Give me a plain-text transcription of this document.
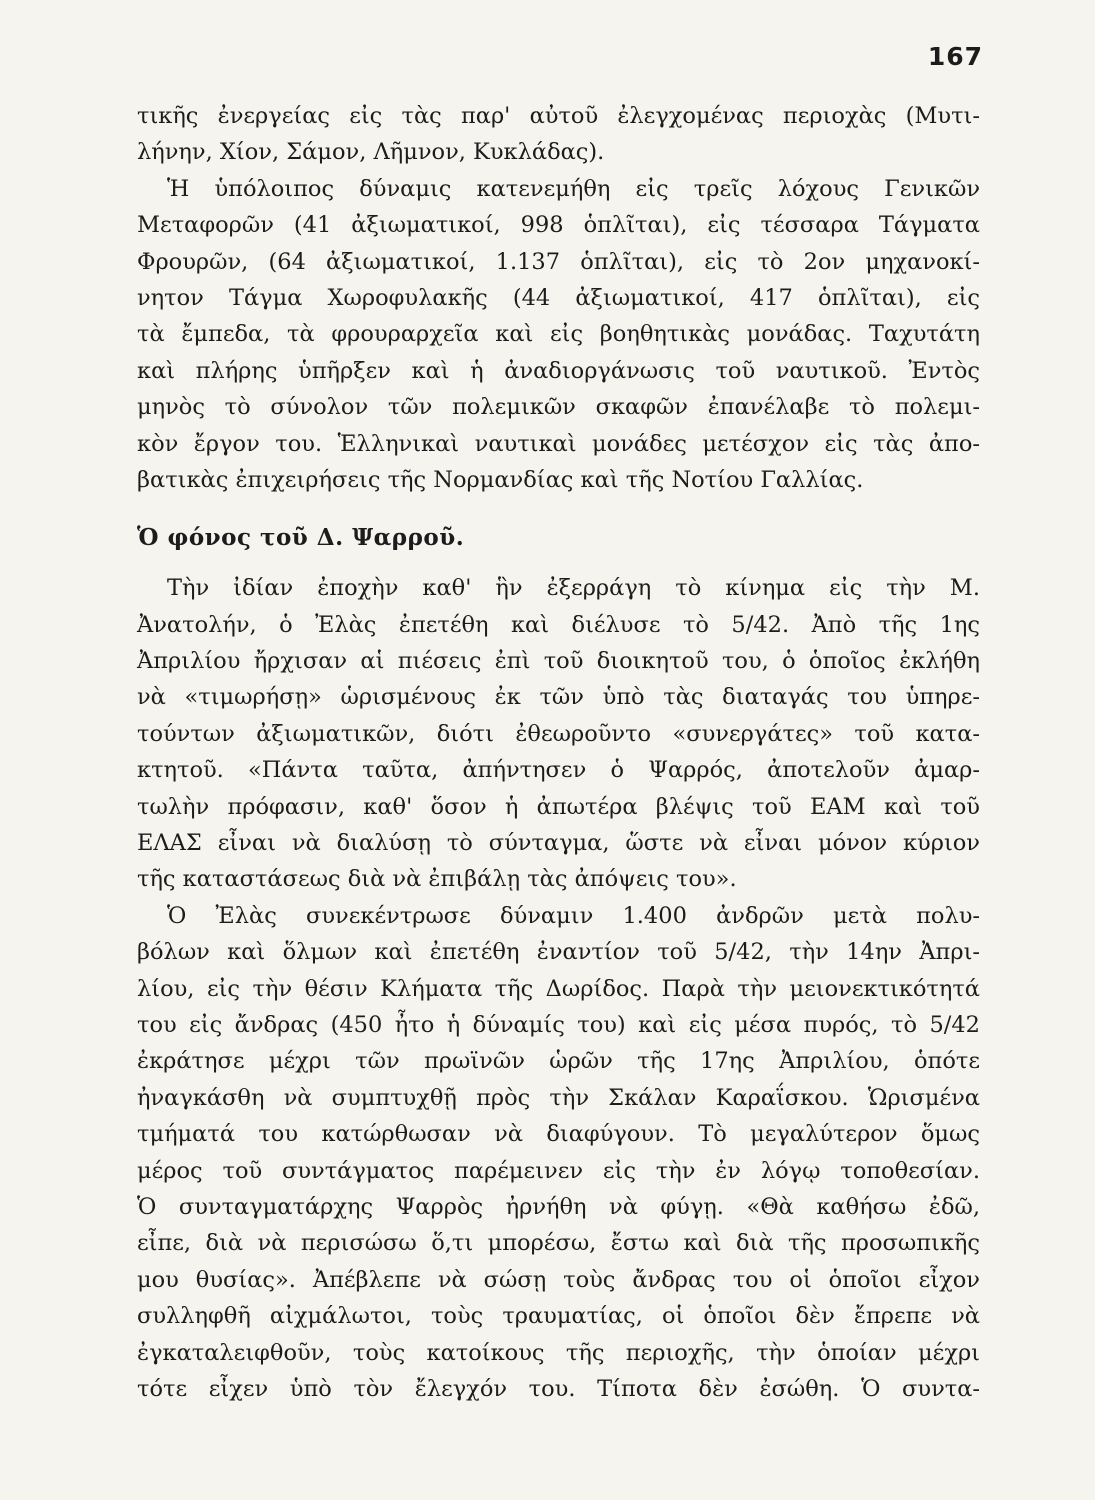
167
τικῆς ἐνεργείας εἰς τὰς παρ' αὐτοῦ ἐλεγχομένας περιοχὰς (Μυτι-
λήνην, Χίον, Σάμον, Λῆμνον, Κυκλάδας).
Ἡ ὑπόλοιπος δύναμις κατενεμήθη εἰς τρεῖς λόχους Γενικῶν
Μεταφορῶν (41 ἀξιωματικοί, 998 ὁπλῖται), εἰς τέσσαρα Τάγματα
Φρουρῶν, (64 ἀξιωματικοί, 1.137 ὁπλῖται), εἰς τὸ 2ον μηχανοκί-
νητον Τάγμα Χωροφυλακῆς (44 ἀξιωματικοί, 417 ὁπλῖται), εἰς
τὰ ἔμπεδα, τὰ φρουραρχεῖα καὶ εἰς βοηθητικὰς μονάδας. Ταχυτάτη
καὶ πλήρης ὑπῆρξεν καὶ ἡ ἀναδιοργάνωσις τοῦ ναυτικοῦ. Ἐντὸς
μηνὸς τὸ σύνολον τῶν πολεμικῶν σκαφῶν ἐπανέλαβε τὸ πολεμι-
κὸν ἔργον του. Ἑλληνικαὶ ναυτικαὶ μονάδες μετέσχον εἰς τὰς ἀπο-
βατικὰς ἐπιχειρήσεις τῆς Νορμανδίας καὶ τῆς Νοτίου Γαλλίας.
Ὁ φόνος τοῦ Δ. Ψαρροῦ.
Τὴν ἰδίαν ἐποχὴν καθ' ἣν ἐξερράγη τὸ κίνημα εἰς τὴν Μ.
Ἀνατολήν, ὁ Ἐλὰς ἐπετέθη καὶ διέλυσε τὸ 5/42. Ἀπὸ τῆς 1ης
Ἀπριλίου ἤρχισαν αἱ πιέσεις ἐπὶ τοῦ διοικητοῦ του, ὁ ὁποῖος ἐκλήθη
νὰ «τιμωρήσῃ» ὡρισμένους ἐκ τῶν ὑπὸ τὰς διαταγάς του ὑπηρε-
τούντων ἀξιωματικῶν, διότι ἐθεωροῦντο «συνεργάτες» τοῦ κατα-
κτητοῦ. «Πάντα ταῦτα, ἀπήντησεν ὁ Ψαρρός, ἀποτελοῦν ἀμαρ-
τωλὴν πρόφασιν, καθ' ὅσον ἡ ἀπωτέρα βλέψις τοῦ ΕΑΜ καὶ τοῦ
ΕΛΑΣ εἶναι νὰ διαλύσῃ τὸ σύνταγμα, ὥστε νὰ εἶναι μόνον κύριον
τῆς καταστάσεως διὰ νὰ ἐπιβάλῃ τὰς ἀπόψεις του».
Ὁ Ἐλὰς συνεκέντρωσε δύναμιν 1.400 ἀνδρῶν μετὰ πολυ-
βόλων καὶ ὅλμων καὶ ἐπετέθη ἐναντίον τοῦ 5/42, τὴν 14ην Ἀπρι-
λίου, εἰς τὴν θέσιν Κλήματα τῆς Δωρίδος. Παρὰ τὴν μειονεκτικότητά
του εἰς ἄνδρας (450 ἦτο ἡ δύναμίς του) καὶ εἰς μέσα πυρός, τὸ 5/42
ἐκράτησε μέχρι τῶν πρωϊνῶν ὡρῶν τῆς 17ης Ἀπριλίου, ὁπότε
ἠναγκάσθη νὰ συμπτυχθῇ πρὸς τὴν Σκάλαν Καραΐσκου. Ὡρισμένα
τμήματά του κατώρθωσαν νὰ διαφύγουν. Τὸ μεγαλύτερον ὅμως
μέρος τοῦ συντάγματος παρέμεινεν εἰς τὴν ἐν λόγῳ τοποθεσίαν.
Ὁ συνταγματάρχης Ψαρρὸς ἠρνήθη νὰ φύγῃ. «Θὰ καθήσω ἐδῶ,
εἶπε, διὰ νὰ περισώσω ὅ,τι μπορέσω, ἔστω καὶ διὰ τῆς προσωπικῆς
μου θυσίας». Ἀπέβλεπε νὰ σώσῃ τοὺς ἄνδρας του οἱ ὁποῖοι εἶχον
συλληφθῆ αἰχμάλωτοι, τοὺς τραυματίας, οἱ ὁποῖοι δὲν ἔπρεπε νὰ
ἐγκαταλειφθοῦν, τοὺς κατοίκους τῆς περιοχῆς, τὴν ὁποίαν μέχρι
τότε εἶχεν ὑπὸ τὸν ἔλεγχόν του. Τίποτα δὲν ἐσώθη. Ὁ συντα-
